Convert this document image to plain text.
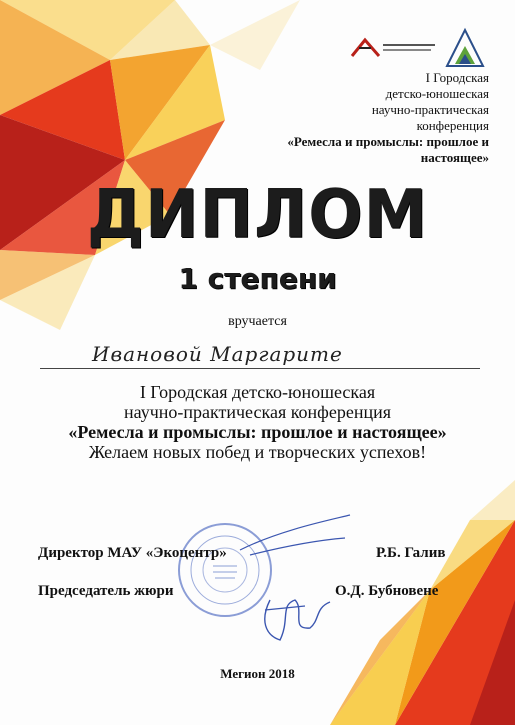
I Городская
детско-юношеская
научно-практическая
конференция
«Ремесла и промыслы: прошлое и настоящее»
ДИПЛОМ
1 степени
вручается
Ивановой Маргарите
I Городская детско-юношеская
научно-практическая конференция
«Ремесла и промыслы: прошлое и настоящее»
Желаем новых побед и творческих успехов!
Директор МАУ «Экоцентр»	Р.Б. Галив
Председатель жюри	О.Д. Бубновене
Мегион 2018
